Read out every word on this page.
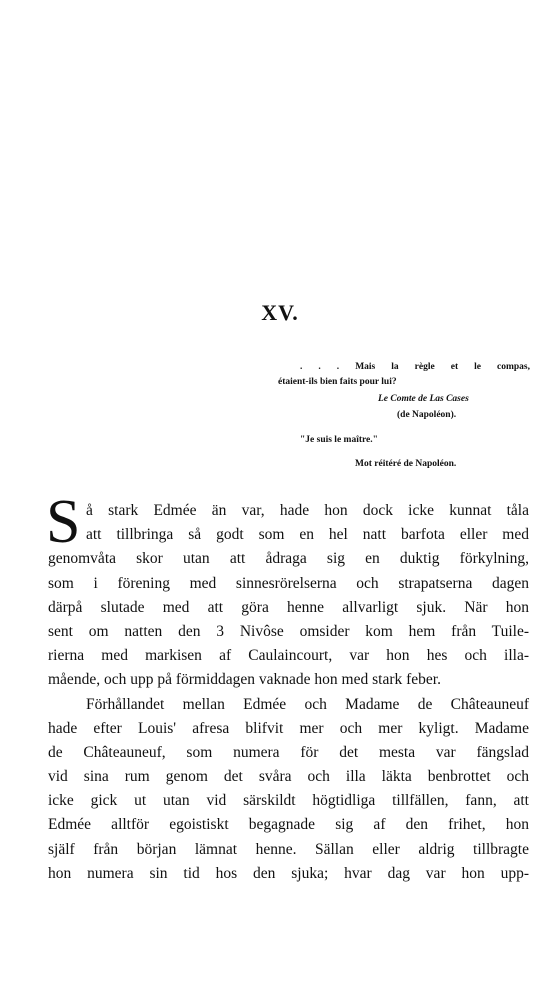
XV.
. . . Mais la règle et le compas,
étaient-ils bien faits pour lui?
Le Comte de Las Cases
(de Napoléon).
"Je suis le maître."
Mot réitéré de Napoléon.
S å stark Edmée än var, hade hon dock icke kunnat tåla
att tillbringa så godt som en hel natt barfota eller med
genomvåta skor utan att ådraga sig en duktig förkylning,
som i förening med sinnesrörelserna och strapatserna dagen
därpå slutade med att göra henne allvarligt sjuk. När hon
sent om natten den 3 Nivôse omsider kom hem från Tuile-
rierna med markisen af Caulaincourt, var hon hes och illa-
mående, och upp på förmiddagen vaknade hon med stark feber.
Förhållandet mellan Edmée och Madame de Châteauneuf
hade efter Louis' afresa blifvit mer och mer kyligt. Madame
de Châteauneuf, som numera för det mesta var fängslad
vid sina rum genom det svåra och illa läkta benbrottet och
icke gick ut utan vid särskildt högtidliga tillfällen, fann, att
Edmée alltför egoistiskt begagnade sig af den frihet, hon
själf från början lämnat henne. Sällan eller aldrig tillbragte
hon numera sin tid hos den sjuka; hvar dag var hon upp-
